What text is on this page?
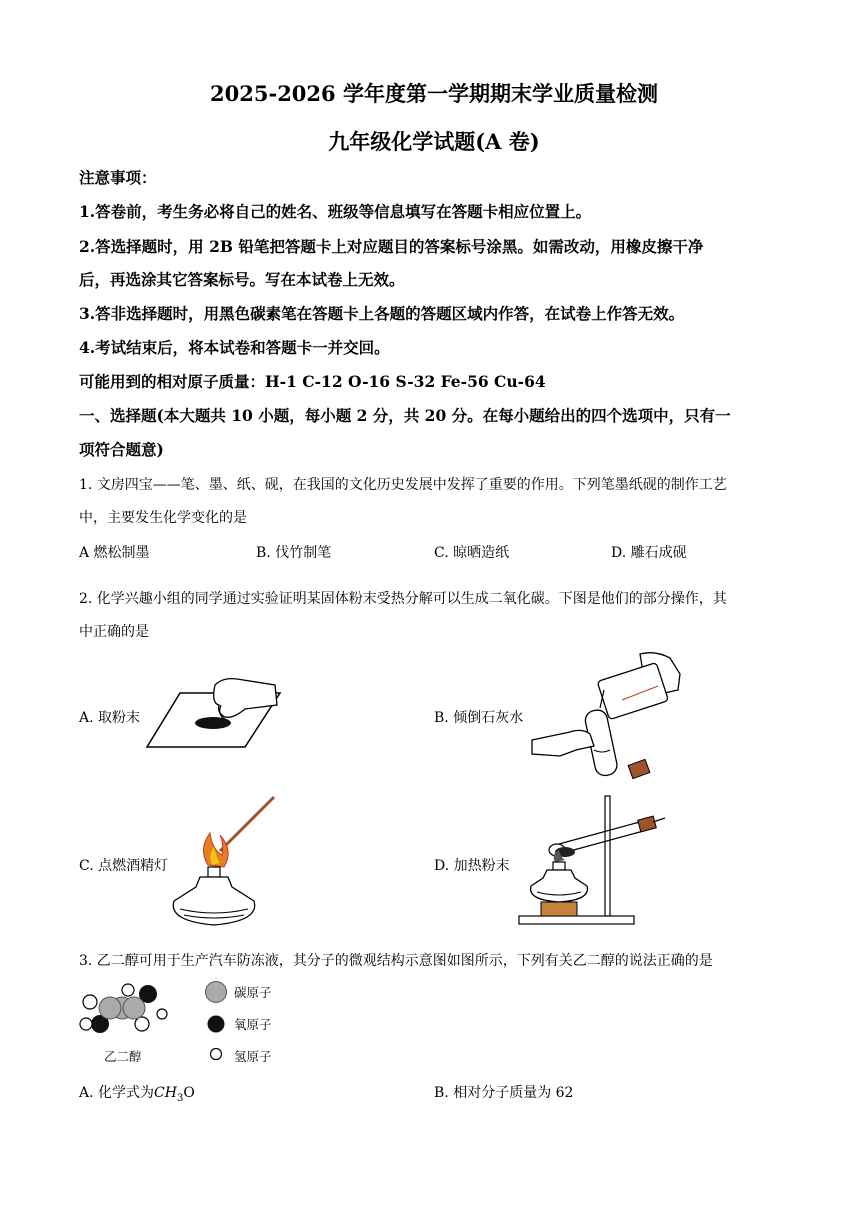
2025-2026 学年度第一学期期末学业质量检测
九年级化学试题(A 卷)
注意事项：
1.答卷前，考生务必将自己的姓名、班级等信息填写在答题卡相应位置上。
2.答选择题时，用 2B 铅笔把答题卡上对应题目的答案标号涂黑。如需改动，用橡皮擦干净
后，再选涂其它答案标号。写在本试卷上无效。
3.答非选择题时，用黑色碳素笔在答题卡上各题的答题区域内作答，在试卷上作答无效。
4.考试结束后，将本试卷和答题卡一并交回。
可能用到的相对原子质量：H-1 C-12 O-16 S-32 Fe-56 Cu-64
一、选择题(本大题共 10 小题，每小题 2 分，共 20 分。在每小题给出的四个选项中，只有一
项符合题意)
1. 文房四宝——笔、墨、纸、砚，在我国的文化历史发展中发挥了重要的作用。下列笔墨纸砚的制作工艺
中，主要发生化学变化的是
A 燃松制墨	B. 伐竹制笔	C. 晾晒造纸	D. 雕石成砚
2. 化学兴趣小组的同学通过实验证明某固体粉末受热分解可以生成二氧化碳。下图是他们的部分操作，其
中正确的是
A. 取粉末	B. 倾倒石灰水
C. 点燃酒精灯	D. 加热粉末
3. 乙二醇可用于生产汽车防冻液，其分子的微观结构示意图如图所示，下列有关乙二醇的说法正确的是
乙二醇
碳原子
氧原子
氢原子
A. 化学式为$CH_3O$	B. 相对分子质量为 62
